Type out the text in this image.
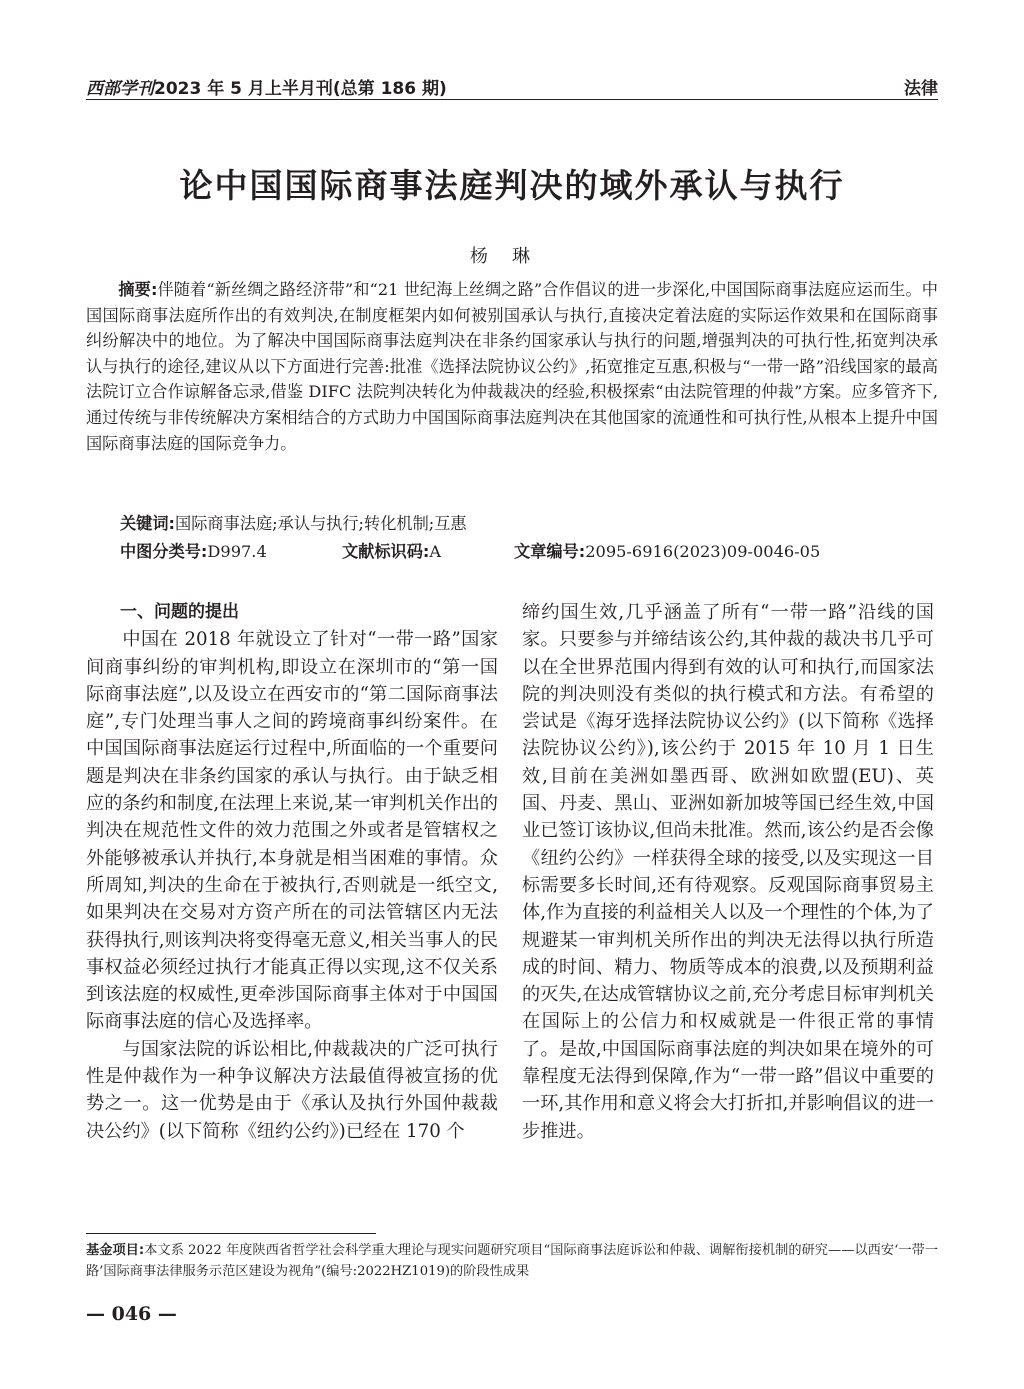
西部学刊2023 年 5 月上半月刊(总第 186 期)	法律
论中国国际商事法庭判决的域外承认与执行
杨琳
摘要:伴随着“新丝绸之路经济带”和“21 世纪海上丝绸之路”合作倡议的进一步深化,中国国际商事法庭应运而生。中国国际商事法庭所作出的有效判决,在制度框架内如何被别国承认与执行,直接决定着法庭的实际运作效果和在国际商事纠纷解决中的地位。为了解决中国国际商事法庭判决在非条约国家承认与执行的问题,增强判决的可执行性,拓宽判决承认与执行的途径,建议从以下方面进行完善:批准《选择法院协议公约》,拓宽推定互惠,积极与“一带一路”沿线国家的最高法院订立合作谅解备忘录,借鉴 DIFC 法院判决转化为仲裁裁决的经验,积极探索“由法院管理的仲裁”方案。应多管齐下,通过传统与非传统解决方案相结合的方式助力中国国际商事法庭判决在其他国家的流通性和可执行性,从根本上提升中国国际商事法庭的国际竞争力。
关键词:国际商事法庭;承认与执行;转化机制;互惠
中图分类号:D997.4	文献标识码:A	文章编号:2095-6916(2023)09-0046-05
一、问题的提出

中国在 2018 年就设立了针对“一带一路”国家间商事纠纷的审判机构,即设立在深圳市的“第一国际商事法庭”,以及设立在西安市的“第二国际商事法庭”,专门处理当事人之间的跨境商事纠纷案件。在中国国际商事法庭运行过程中,所面临的一个重要问题是判决在非条约国家的承认与执行。由于缺乏相应的条约和制度,在法理上来说,某一审判机关作出的判决在规范性文件的效力范围之外或者是管辖权之外能够被承认并执行,本身就是相当困难的事情。众所周知,判决的生命在于被执行,否则就是一纸空文,如果判决在交易对方资产所在的司法管辖区内无法获得执行,则该判决将变得毫无意义,相关当事人的民事权益必须经过执行才能真正得以实现,这不仅关系到该法庭的权威性,更牵涉国际商事主体对于中国国际商事法庭的信心及选择率。

与国家法院的诉讼相比,仲裁裁决的广泛可执行性是仲裁作为一种争议解决方法最值得被宣扬的优势之一。这一优势是由于《承认及执行外国仲裁裁决公约》(以下简称《纽约公约》)已经在 170 个

缔约国生效,几乎涵盖了所有“一带一路”沿线的国家。只要参与并缔结该公约,其仲裁的裁决书几乎可以在全世界范围内得到有效的认可和执行,而国家法院的判决则没有类似的执行模式和方法。有希望的尝试是《海牙选择法院协议公约》(以下简称《选择法院协议公约》),该公约于 2015 年 10 月 1 日生效,目前在美洲如墨西哥、欧洲如欧盟(EU)、英国、丹麦、黑山、亚洲如新加坡等国已经生效,中国业已签订该协议,但尚未批准。然而,该公约是否会像《纽约公约》一样获得全球的接受,以及实现这一目标需要多长时间,还有待观察。反观国际商事贸易主体,作为直接的利益相关人以及一个理性的个体,为了规避某一审判机关所作出的判决无法得以执行所造成的时间、精力、物质等成本的浪费,以及预期利益的灭失,在达成管辖协议之前,充分考虑目标审判机关在国际上的公信力和权威就是一件很正常的事情了。是故,中国国际商事法庭的判决如果在境外的可靠程度无法得到保障,作为“一带一路”倡议中重要的一环,其作用和意义将会大打折扣,并影响倡议的进一步推进。

基金项目:本文系 2022 年度陕西省哲学社会科学重大理论与现实问题研究项目“国际商事法庭诉讼和仲裁、调解衔接机制的研究——以西安‘一带一路’国际商事法律服务示范区建设为视角”(编号:2022HZ1019)的阶段性成果
— 046 —
